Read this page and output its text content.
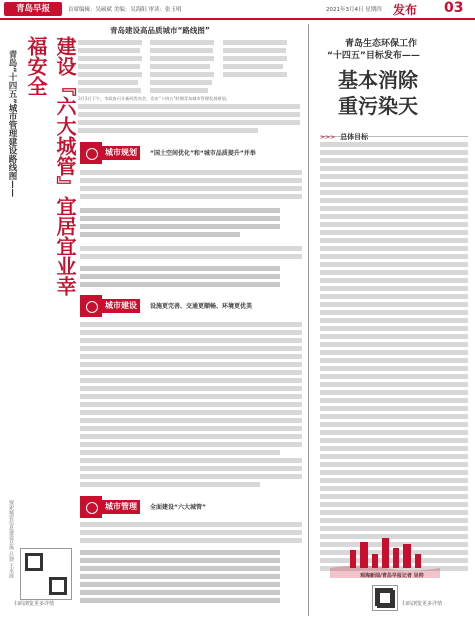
青岛早报	首席编辑：吴硕斌 美编：吴海阳 审读：张玉明	2021年3月4日 星期四 发布 03
青岛“十四五”城市管理建设路线图——	建设『六大城管』宜居宜业幸福安全
青岛建设高品质城市“路线图”
3月3日下午，市政府召开新闻发布会，发布“十四五”时期青岛城市管理发展规划。
城市规划	“国土空间优化”和“城市品质提升”并举
城市建设	设施更完善、交通更顺畅、环境更优美
城市管理	全面建设“六大城管”
探索城管信息建设总体 吕骁 王水波
扫码浏览更多详情
青岛生态环保工作
“十四五”目标发布——
基本消除
重污染天
>>> 总体目标
观海新闻/青岛早报记者 吴帅
扫码浏览更多详情
